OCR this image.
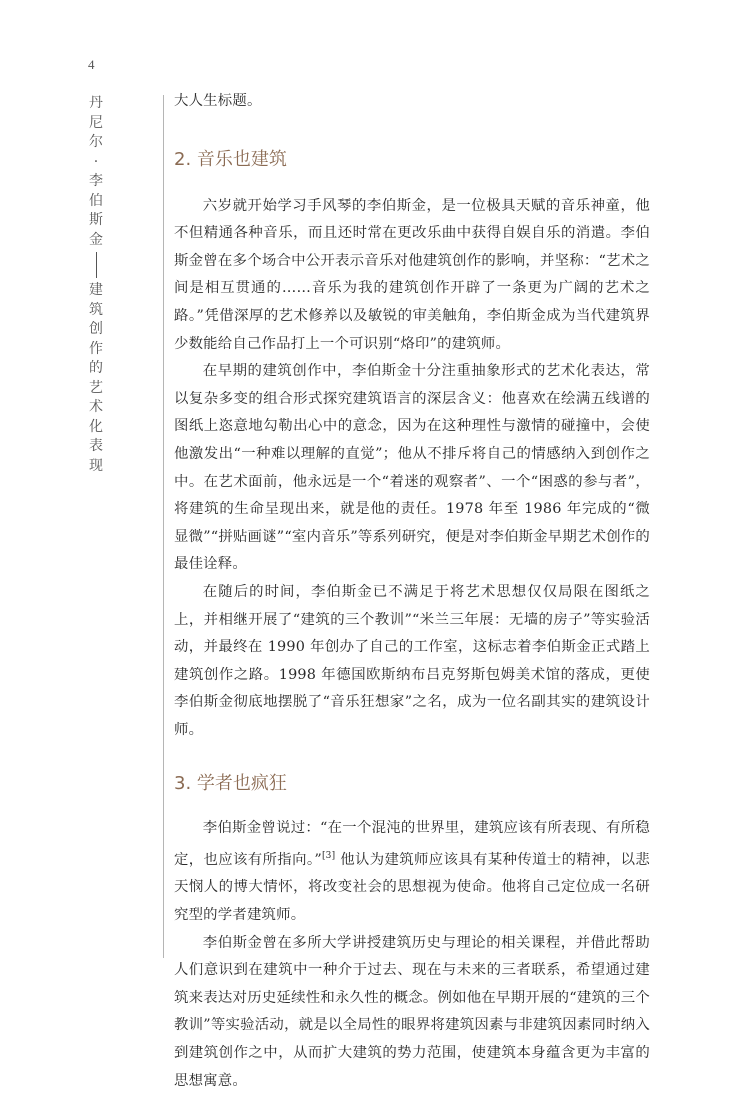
4
丹
尼
尔
·
李
伯
斯
金
建
筑
创
作
的
艺
术
化
表
现

大人生标题。

2. 音乐也建筑

六岁就开始学习手风琴的李伯斯金，是一位极具天赋的音乐神童，他不但精通各种音乐，而且还时常在更改乐曲中获得自娱自乐的消遣。李伯斯金曾在多个场合中公开表示音乐对他建筑创作的影响，并坚称：“艺术之间是相互贯通的……音乐为我的建筑创作开辟了一条更为广阔的艺术之路。”凭借深厚的艺术修养以及敏锐的审美触角，李伯斯金成为当代建筑界少数能给自己作品打上一个可识别“烙印”的建筑师。

在早期的建筑创作中，李伯斯金十分注重抽象形式的艺术化表达，常以复杂多变的组合形式探究建筑语言的深层含义：他喜欢在绘满五线谱的图纸上恣意地勾勒出心中的意念，因为在这种理性与激情的碰撞中，会使他激发出“一种难以理解的直觉”；他从不排斥将自己的情感纳入到创作之中。在艺术面前，他永远是一个“着迷的观察者”、一个“困惑的参与者”，将建筑的生命呈现出来，就是他的责任。1978 年至 1986 年完成的“微显微”“拼贴画谜”“室内音乐”等系列研究，便是对李伯斯金早期艺术创作的最佳诠释。

在随后的时间，李伯斯金已不满足于将艺术思想仅仅局限在图纸之上，并相继开展了“建筑的三个教训”“米兰三年展：无墙的房子”等实验活动，并最终在 1990 年创办了自己的工作室，这标志着李伯斯金正式踏上建筑创作之路。1998 年德国欧斯纳布吕克努斯包姆美术馆的落成，更使李伯斯金彻底地摆脱了“音乐狂想家”之名，成为一位名副其实的建筑设计师。

3. 学者也疯狂

李伯斯金曾说过：“在一个混沌的世界里，建筑应该有所表现、有所稳定，也应该有所指向。”[3] 他认为建筑师应该具有某种传道士的精神，以悲天悯人的博大情怀，将改变社会的思想视为使命。他将自己定位成一名研究型的学者建筑师。

李伯斯金曾在多所大学讲授建筑历史与理论的相关课程，并借此帮助人们意识到在建筑中一种介于过去、现在与未来的三者联系，希望通过建筑来表达对历史延续性和永久性的概念。例如他在早期开展的“建筑的三个教训”等实验活动，就是以全局性的眼界将建筑因素与非建筑因素同时纳入到建筑创作之中，从而扩大建筑的势力范围，使建筑本身蕴含更为丰富的思想寓意。
